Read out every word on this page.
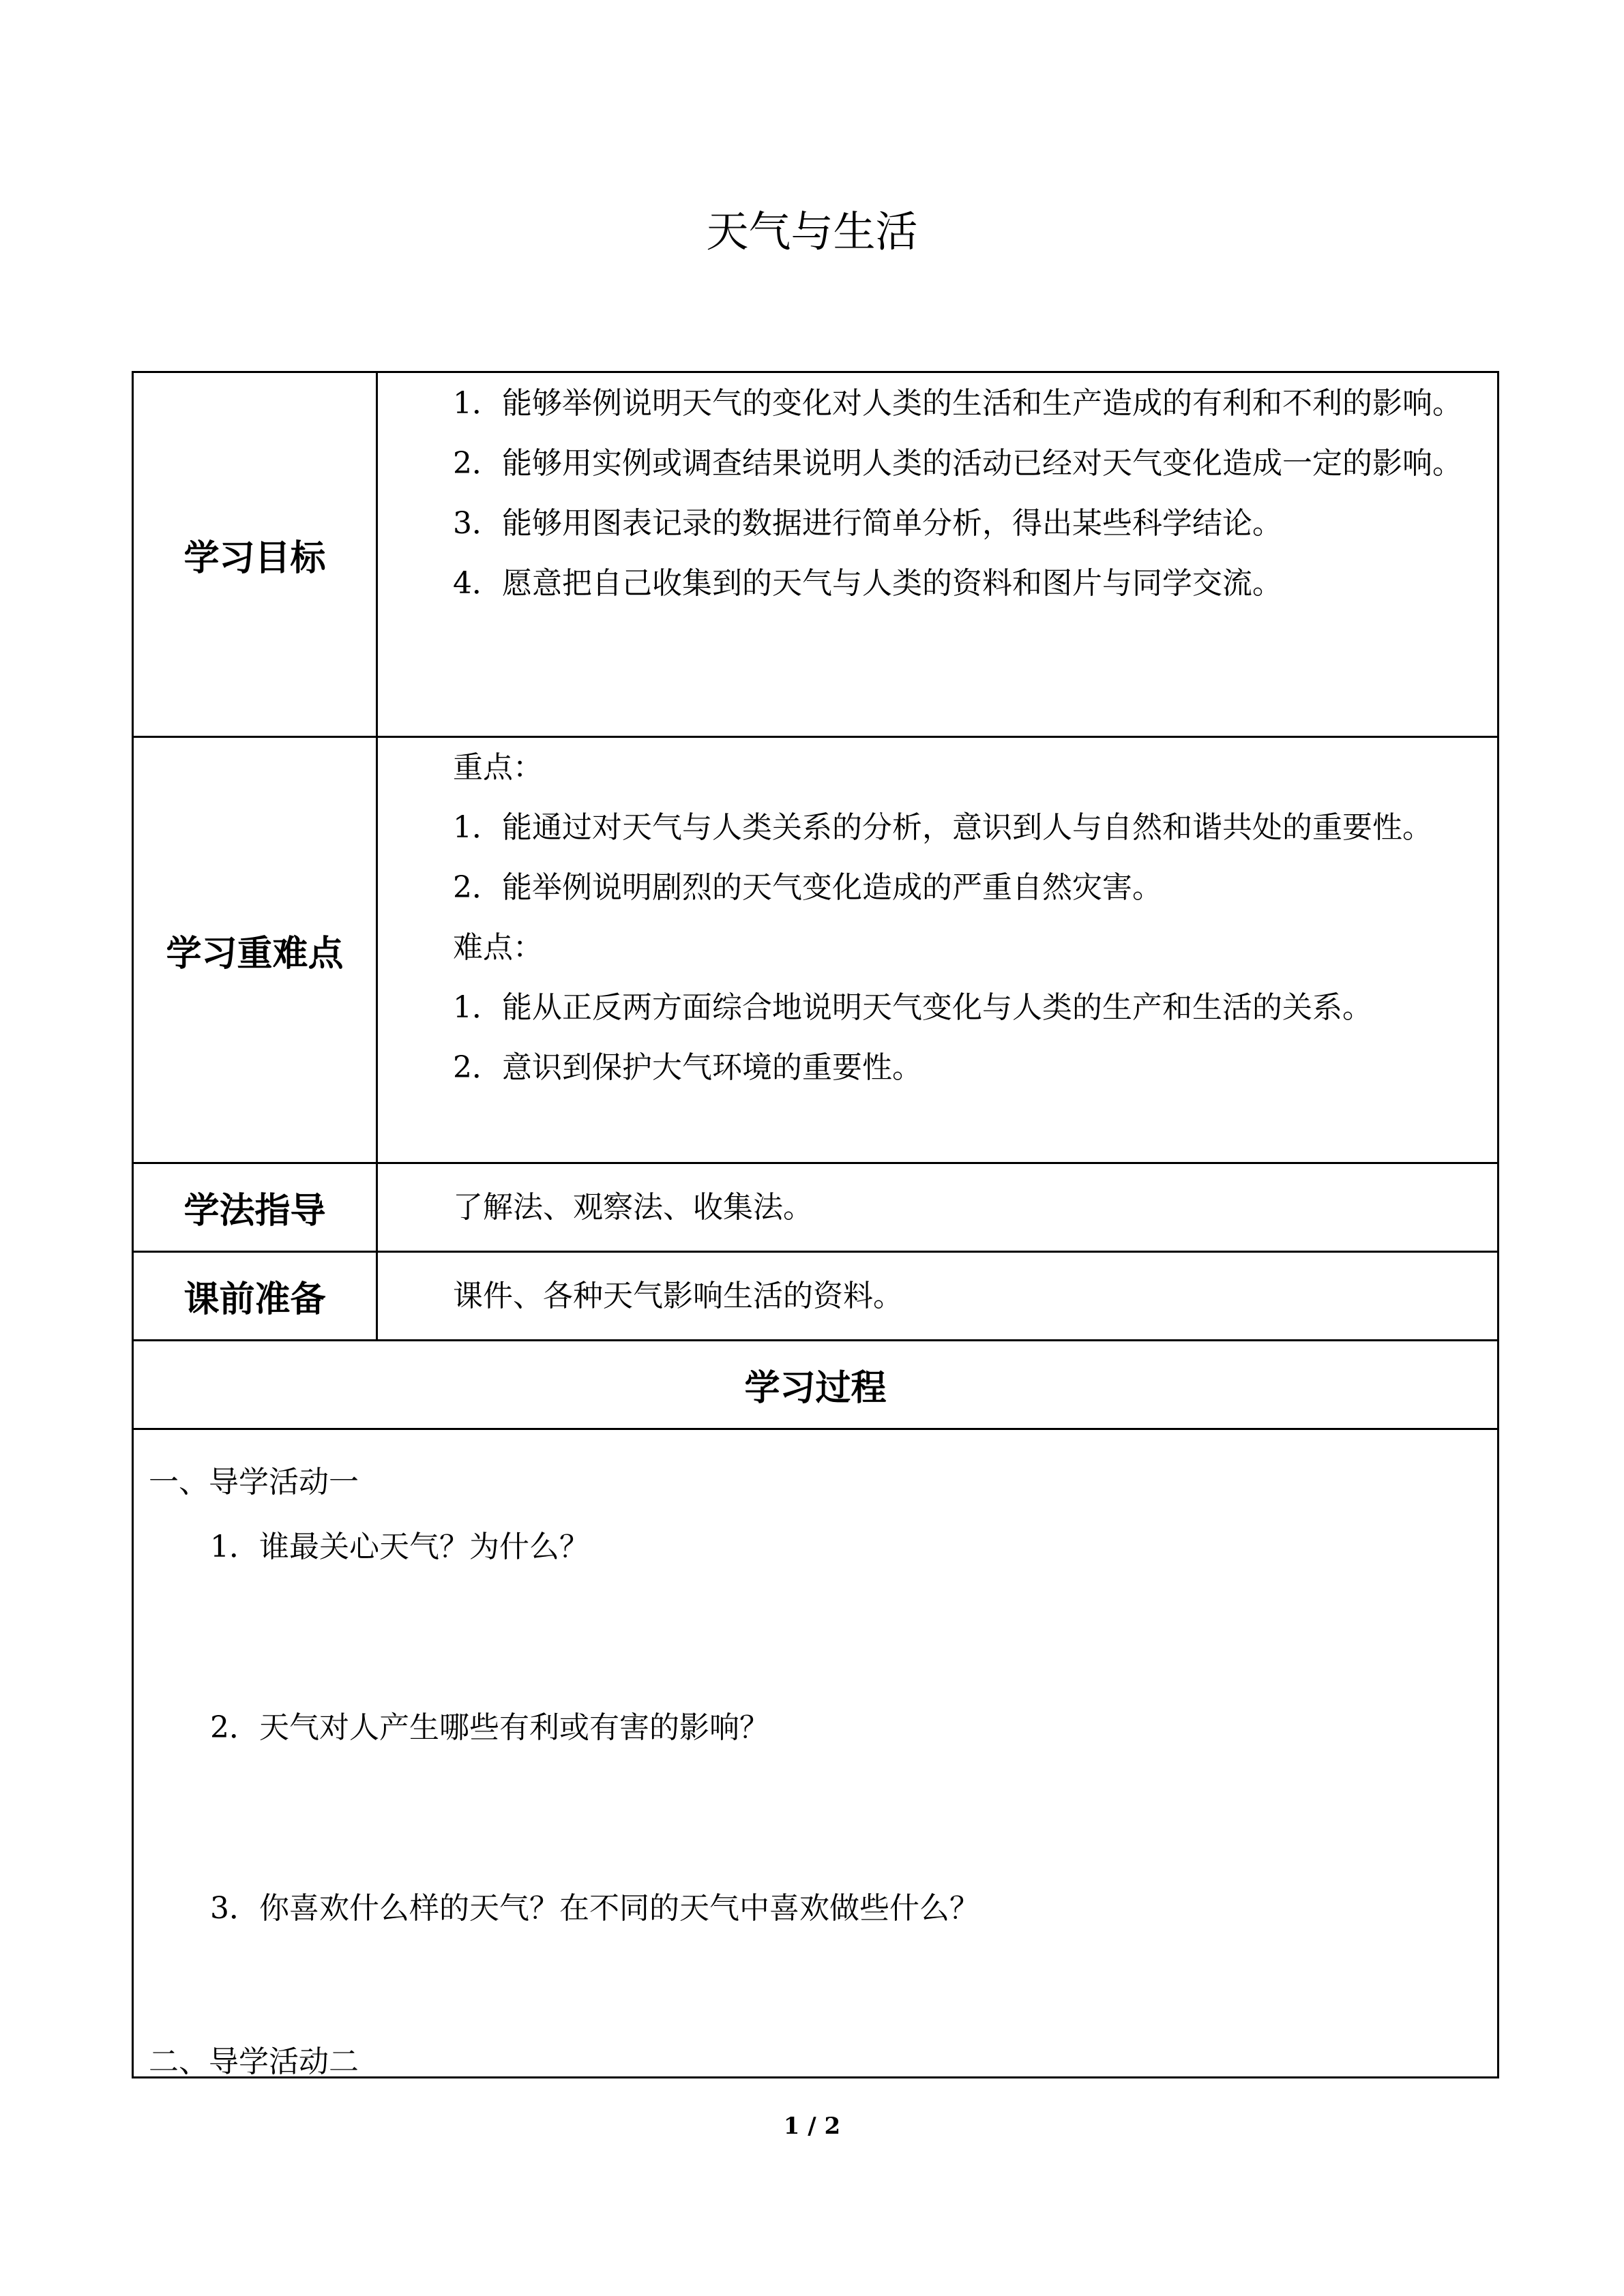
天气与生活
学习目标

1．能够举例说明天气的变化对人类的生活和生产造成的有利和不利的影响。

2．能够用实例或调查结果说明人类的活动已经对天气变化造成一定的影响。

3．能够用图表记录的数据进行简单分析，得出某些科学结论。

4．愿意把自己收集到的天气与人类的资料和图片与同学交流。

学习重难点

重点：

1．能通过对天气与人类关系的分析，意识到人与自然和谐共处的重要性。

2．能举例说明剧烈的天气变化造成的严重自然灾害。

难点：

1．能从正反两方面综合地说明天气变化与人类的生产和生活的关系。

2．意识到保护大气环境的重要性。

学法指导	了解法、观察法、收集法。

课前准备	课件、各种天气影响生活的资料。

学习过程
一、导学活动一
1．谁最关心天气？为什么？
2．天气对人产生哪些有利或有害的影响？
3．你喜欢什么样的天气？在不同的天气中喜欢做些什么？
二、导学活动二
1 / 2
